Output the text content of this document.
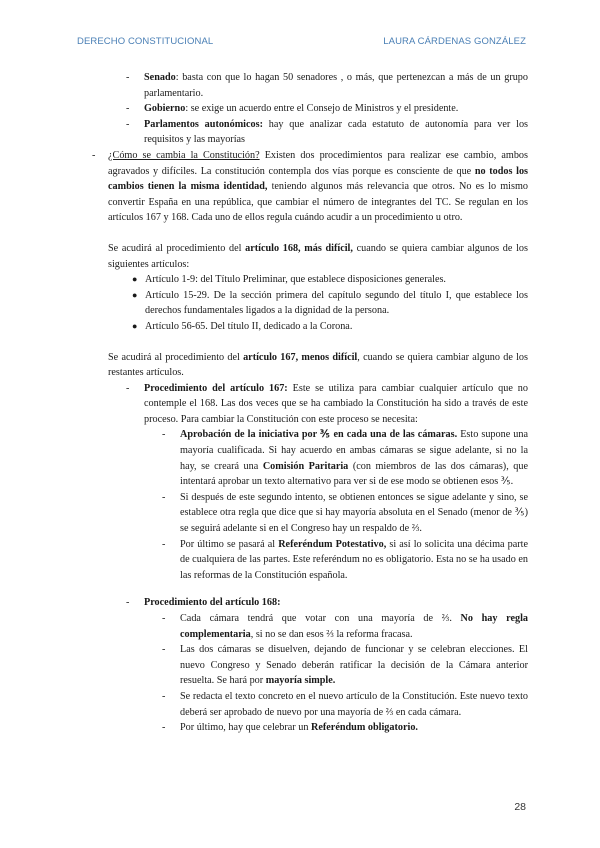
DERECHO CONSTITUCIONAL	LAURA CÁRDENAS GONZÁLEZ
- Senado: basta con que lo hagan 50 senadores , o más, que pertenezcan a más de un grupo parlamentario.
- Gobierno: se exige un acuerdo entre el Consejo de Ministros y el presidente.
- Parlamentos autonómicos: hay que analizar cada estatuto de autonomía para ver los requisitos y las mayorías
- ¿Cómo se cambia la Constitución? Existen dos procedimientos para realizar ese cambio, ambos agravados y difíciles. La constitución contempla dos vías porque es consciente de que no todos los cambios tienen la misma identidad, teniendo algunos más relevancia que otros. No es lo mismo convertir España en una república, que cambiar el número de integrantes del TC. Se regulan en los artículos 167 y 168. Cada uno de ellos regula cuándo acudir a un procedimiento u otro.
Se acudirá al procedimiento del artículo 168, más difícil, cuando se quiera cambiar algunos de los siguientes artículos:
● Artículo 1-9: del Título Preliminar, que establece disposiciones generales.
● Artículo 15-29. De la sección primera del capítulo segundo del título I, que establece los derechos fundamentales ligados a la dignidad de la persona.
● Artículo 56-65. Del título II, dedicado a la Corona.
Se acudirá al procedimiento del artículo 167, menos difícil, cuando se quiera cambiar alguno de los restantes artículos.
- Procedimiento del artículo 167: Este se utiliza para cambiar cualquier artículo que no contemple el 168. Las dos veces que se ha cambiado la Constitución ha sido a través de este proceso. Para cambiar la Constitución con este proceso se necesita:
- Aprobación de la iniciativa por ⅗ en cada una de las cámaras. Esto supone una mayoría cualificada. Si hay acuerdo en ambas cámaras se sigue adelante, si no la hay, se creará una Comisión Paritaria (con miembros de las dos cámaras), que intentará aprobar un texto alternativo para ver si de ese modo se obtienen esos ⅗.
- Si después de este segundo intento, se obtienen entonces se sigue adelante y sino, se establece otra regla que dice que si hay mayoría absoluta en el Senado (menor de ⅗) se seguirá adelante si en el Congreso hay un respaldo de ⅔.
- Por último se pasará al Referéndum Potestativo, si así lo solicita una décima parte de cualquiera de las partes. Este referéndum no es obligatorio. Esta no se ha usado en las reformas de la Constitución española.
- Procedimiento del artículo 168:
- Cada cámara tendrá que votar con una mayoría de ⅔. No hay regla complementaria, si no se dan esos ⅔ la reforma fracasa.
- Las dos cámaras se disuelven, dejando de funcionar y se celebran elecciones. El nuevo Congreso y Senado deberán ratificar la decisión de la Cámara anterior resuelta. Se hará por mayoría simple.
- Se redacta el texto concreto en el nuevo artículo de la Constitución. Este nuevo texto deberá ser aprobado de nuevo por una mayoría de ⅔ en cada cámara.
- Por último, hay que celebrar un Referéndum obligatorio.
28
